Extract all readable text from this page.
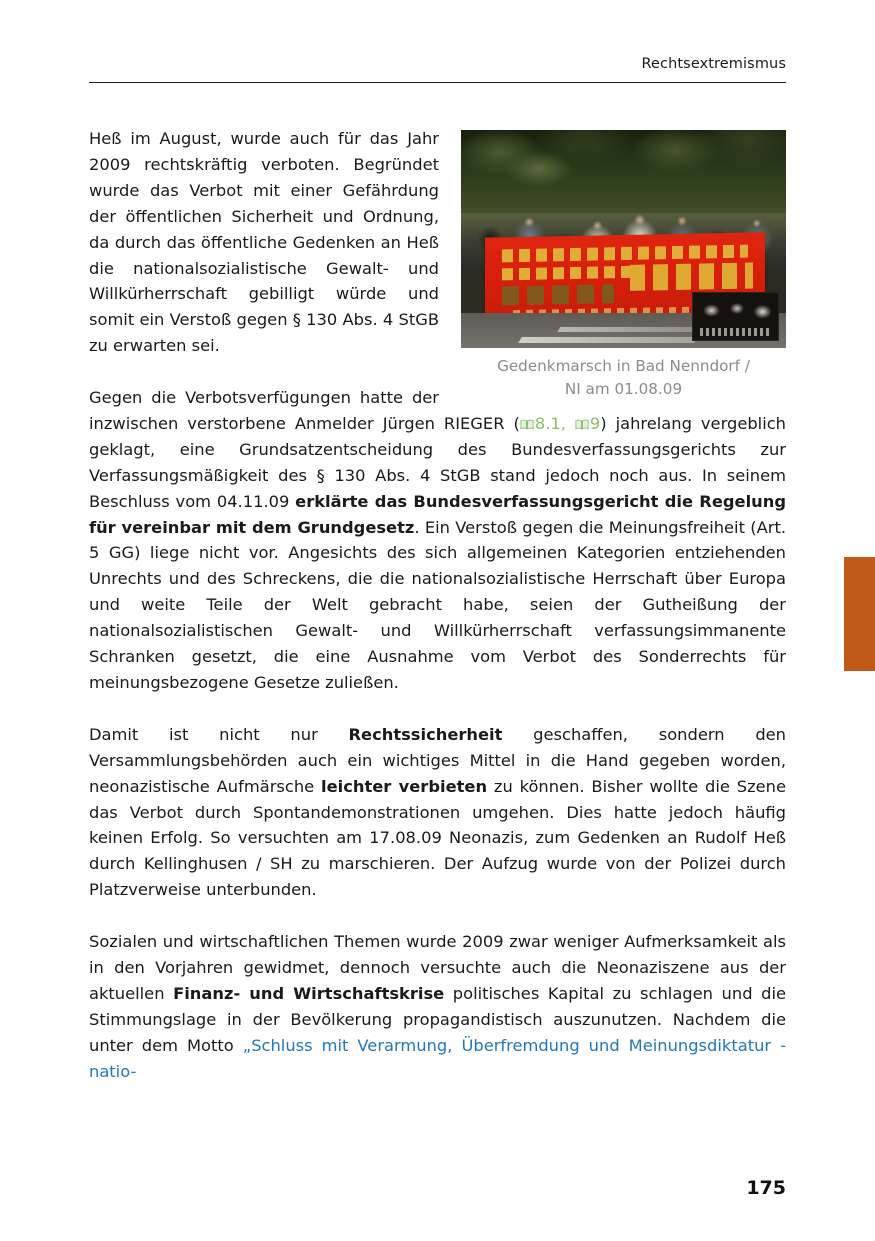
Rechtsextremismus
Gedenkmarsch in Bad Nenndorf /
NI am 01.08.09

Heß im August, wurde auch für das Jahr 2009 rechtskräftig verboten. Begründet wurde das Verbot mit einer Gefährdung der öffentlichen Sicherheit und Ordnung, da durch das öffentliche Gedenken an Heß die nationalsozialistische Gewalt- und Willkürherrschaft gebilligt würde und somit ein Verstoß gegen § 130 Abs. 4 StGB zu erwarten sei.

Gegen die Verbotsverfügungen hatte der inzwischen verstorbene Anmelder Jürgen RIEGER ( 8.1, 9) jahrelang vergeblich geklagt, eine Grundsatzentscheidung des Bundesverfassungsgerichts zur Verfassungsmäßigkeit des § 130 Abs. 4 StGB stand jedoch noch aus. In seinem Beschluss vom 04.11.09 erklärte das Bundesverfassungsgericht die Regelung für vereinbar mit dem Grundgesetz. Ein Verstoß gegen die Meinungsfreiheit (Art. 5 GG) liege nicht vor. Angesichts des sich allgemeinen Kategorien entziehenden Unrechts und des Schreckens, die die nationalsozialistische Herrschaft über Europa und weite Teile der Welt gebracht habe, seien der Gutheißung der nationalsozialistischen Gewalt- und Willkürherrschaft verfassungsimmanente Schranken gesetzt, die eine Ausnahme vom Verbot des Sonderrechts für meinungsbezogene Gesetze zuließen.

Damit ist nicht nur Rechtssicherheit geschaffen, sondern den Versammlungsbehörden auch ein wichtiges Mittel in die Hand gegeben worden, neonazistische Aufmärsche leichter verbieten zu können. Bisher wollte die Szene das Verbot durch Spontandemonstrationen umgehen. Dies hatte jedoch häufig keinen Erfolg. So versuchten am 17.08.09 Neonazis, zum Gedenken an Rudolf Heß durch Kellinghusen / SH zu marschieren. Der Aufzug wurde von der Polizei durch Platzverweise unterbunden.

Sozialen und wirtschaftlichen Themen wurde 2009 zwar weniger Aufmerksamkeit als in den Vorjahren gewidmet, dennoch versuchte auch die Neonaziszene aus der aktuellen Finanz- und Wirtschaftskrise politisches Kapital zu schlagen und die Stimmungslage in der Bevölkerung propagandistisch auszunutzen. Nachdem die unter dem Motto „Schluss mit Verarmung, Überfremdung und Meinungsdiktatur - natio-

175
